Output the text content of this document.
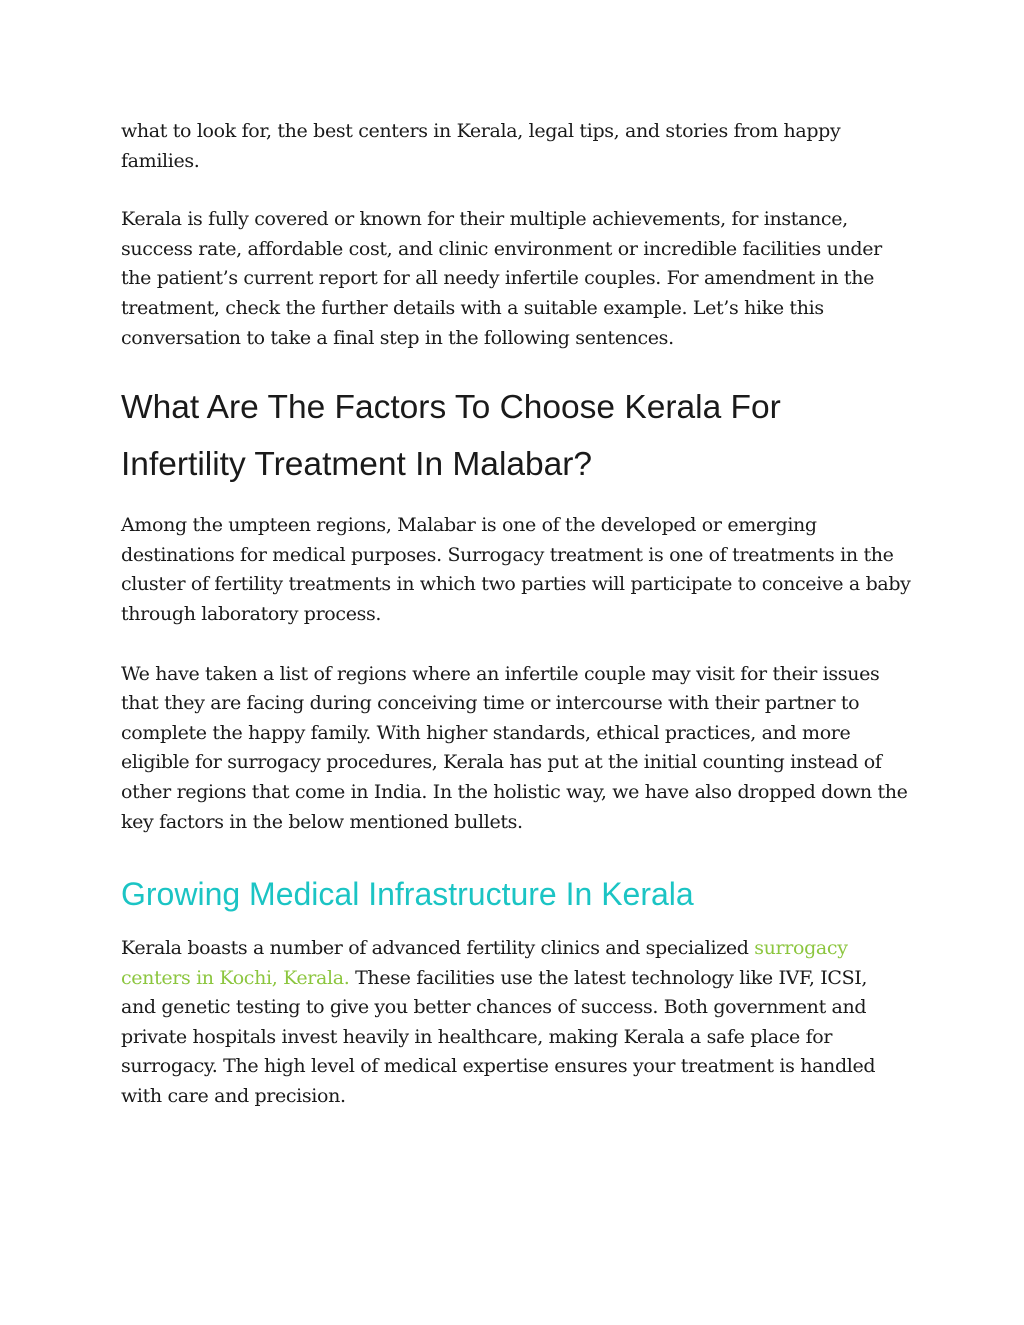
what to look for, the best centers in Kerala, legal tips, and stories from happy families.

Kerala is fully covered or known for their multiple achievements, for instance, success rate, affordable cost, and clinic environment or incredible facilities under the patient’s current report for all needy infertile couples. For amendment in the treatment, check the further details with a suitable example. Let’s hike this conversation to take a final step in the following sentences.

What Are The Factors To Choose Kerala For Infertility Treatment In Malabar?

Among the umpteen regions, Malabar is one of the developed or emerging destinations for medical purposes. Surrogacy treatment is one of treatments in the cluster of fertility treatments in which two parties will participate to conceive a baby through laboratory process.

We have taken a list of regions where an infertile couple may visit for their issues that they are facing during conceiving time or intercourse with their partner to complete the happy family. With higher standards, ethical practices, and more eligible for surrogacy procedures, Kerala has put at the initial counting instead of other regions that come in India. In the holistic way, we have also dropped down the key factors in the below mentioned bullets.

Growing Medical Infrastructure In Kerala

Kerala boasts a number of advanced fertility clinics and specialized surrogacy centers in Kochi, Kerala. These facilities use the latest technology like IVF, ICSI, and genetic testing to give you better chances of success. Both government and private hospitals invest heavily in healthcare, making Kerala a safe place for surrogacy. The high level of medical expertise ensures your treatment is handled with care and precision.
